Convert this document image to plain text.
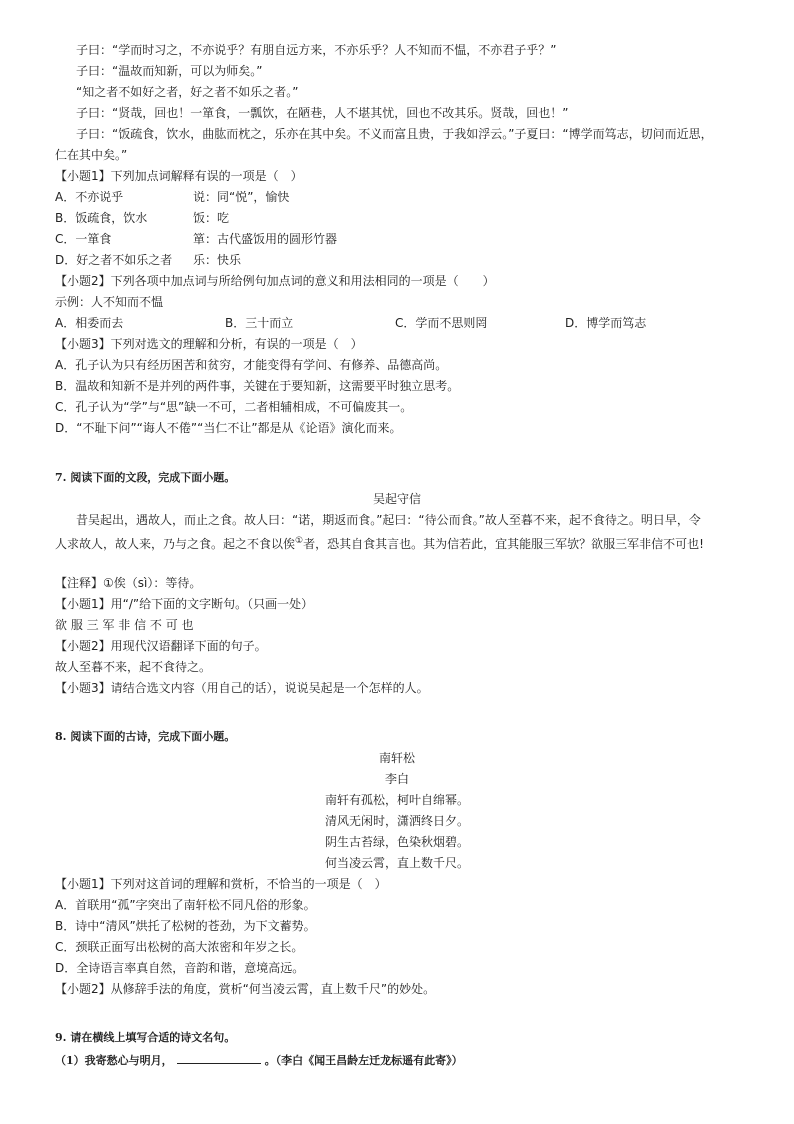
子曰：“学而时习之，不亦说乎？有朋自远方来，不亦乐乎？人不知而不愠，不亦君子乎？”
子曰：“温故而知新，可以为师矣。”
“知之者不如好之者，好之者不如乐之者。”
子曰：“贤哉，回也！一箪食，一瓢饮，在陋巷，人不堪其忧，回也不改其乐。贤哉，回也！”
子曰：“饭疏食，饮水，曲肱而枕之，乐亦在其中矣。不义而富且贵，于我如浮云。”子夏曰：“博学而笃志，切问而近思，
仁在其中矣。”
【小题1】下列加点词解释有误的一项是（　）
A．不亦说乎	说：同“悦”，愉快
B．饭疏食，饮水	饭：吃
C．一箪食	箪：古代盛饭用的圆形竹器
D．好之者不如乐之者 乐：快乐
【小题2】下列各项中加点词与所给例句加点词的意义和用法相同的一项是（　　）
示例：人不知而不愠
A．相委而去	B．三十而立	C．学而不思则罔	D．博学而笃志
【小题3】下列对选文的理解和分析，有误的一项是（　）
A．孔子认为只有经历困苦和贫穷，才能变得有学问、有修养、品德高尚。
B．温故和知新不是并列的两件事，关键在于要知新，这需要平时独立思考。
C．孔子认为“学”与“思”缺一不可，二者相辅相成，不可偏废其一。
D．“不耻下问”“诲人不倦”“当仁不让”都是从《论语》演化而来。
7. 阅读下面的文段，完成下面小题。
吴起守信
昔吴起出，遇故人，而止之食。故人曰：“诺，期返而食。”起曰：“待公而食。”故人至暮不来，起不食待之。明日早，令
人求故人，故人来，乃与之食。起之不食以俟①者，恐其自食其言也。其为信若此，宜其能服三军欤？欲服三军非信不可也!
【注释】①俟（sì）：等待。
【小题1】用“/”给下面的文字断句。（只画一处）
欲 服 三 军 非 信 不 可 也
【小题2】用现代汉语翻译下面的句子。
故人至暮不来，起不食待之。
【小题3】请结合选文内容（用自己的话），说说吴起是一个怎样的人。
8. 阅读下面的古诗，完成下面小题。
南轩松
李白
南轩有孤松，柯叶自绵幂。
清风无闲时，潇洒终日夕。
阴生古苔绿，色染秋烟碧。
何当凌云霄，直上数千尺。
【小题1】下列对这首词的理解和赏析，不恰当的一项是（　）
A．首联用“孤”字突出了南轩松不同凡俗的形象。
B．诗中“清风”烘托了松树的苍劲，为下文蓄势。
C．颈联正面写出松树的高大浓密和年岁之长。
D．全诗语言率真自然，音韵和谐，意境高远。
【小题2】从修辞手法的角度，赏析“何当凌云霄，直上数千尺”的妙处。
9. 请在横线上填写合适的诗文名句。
（1）我寄愁心与明月，	。（李白《闻王昌龄左迁龙标遥有此寄》）
